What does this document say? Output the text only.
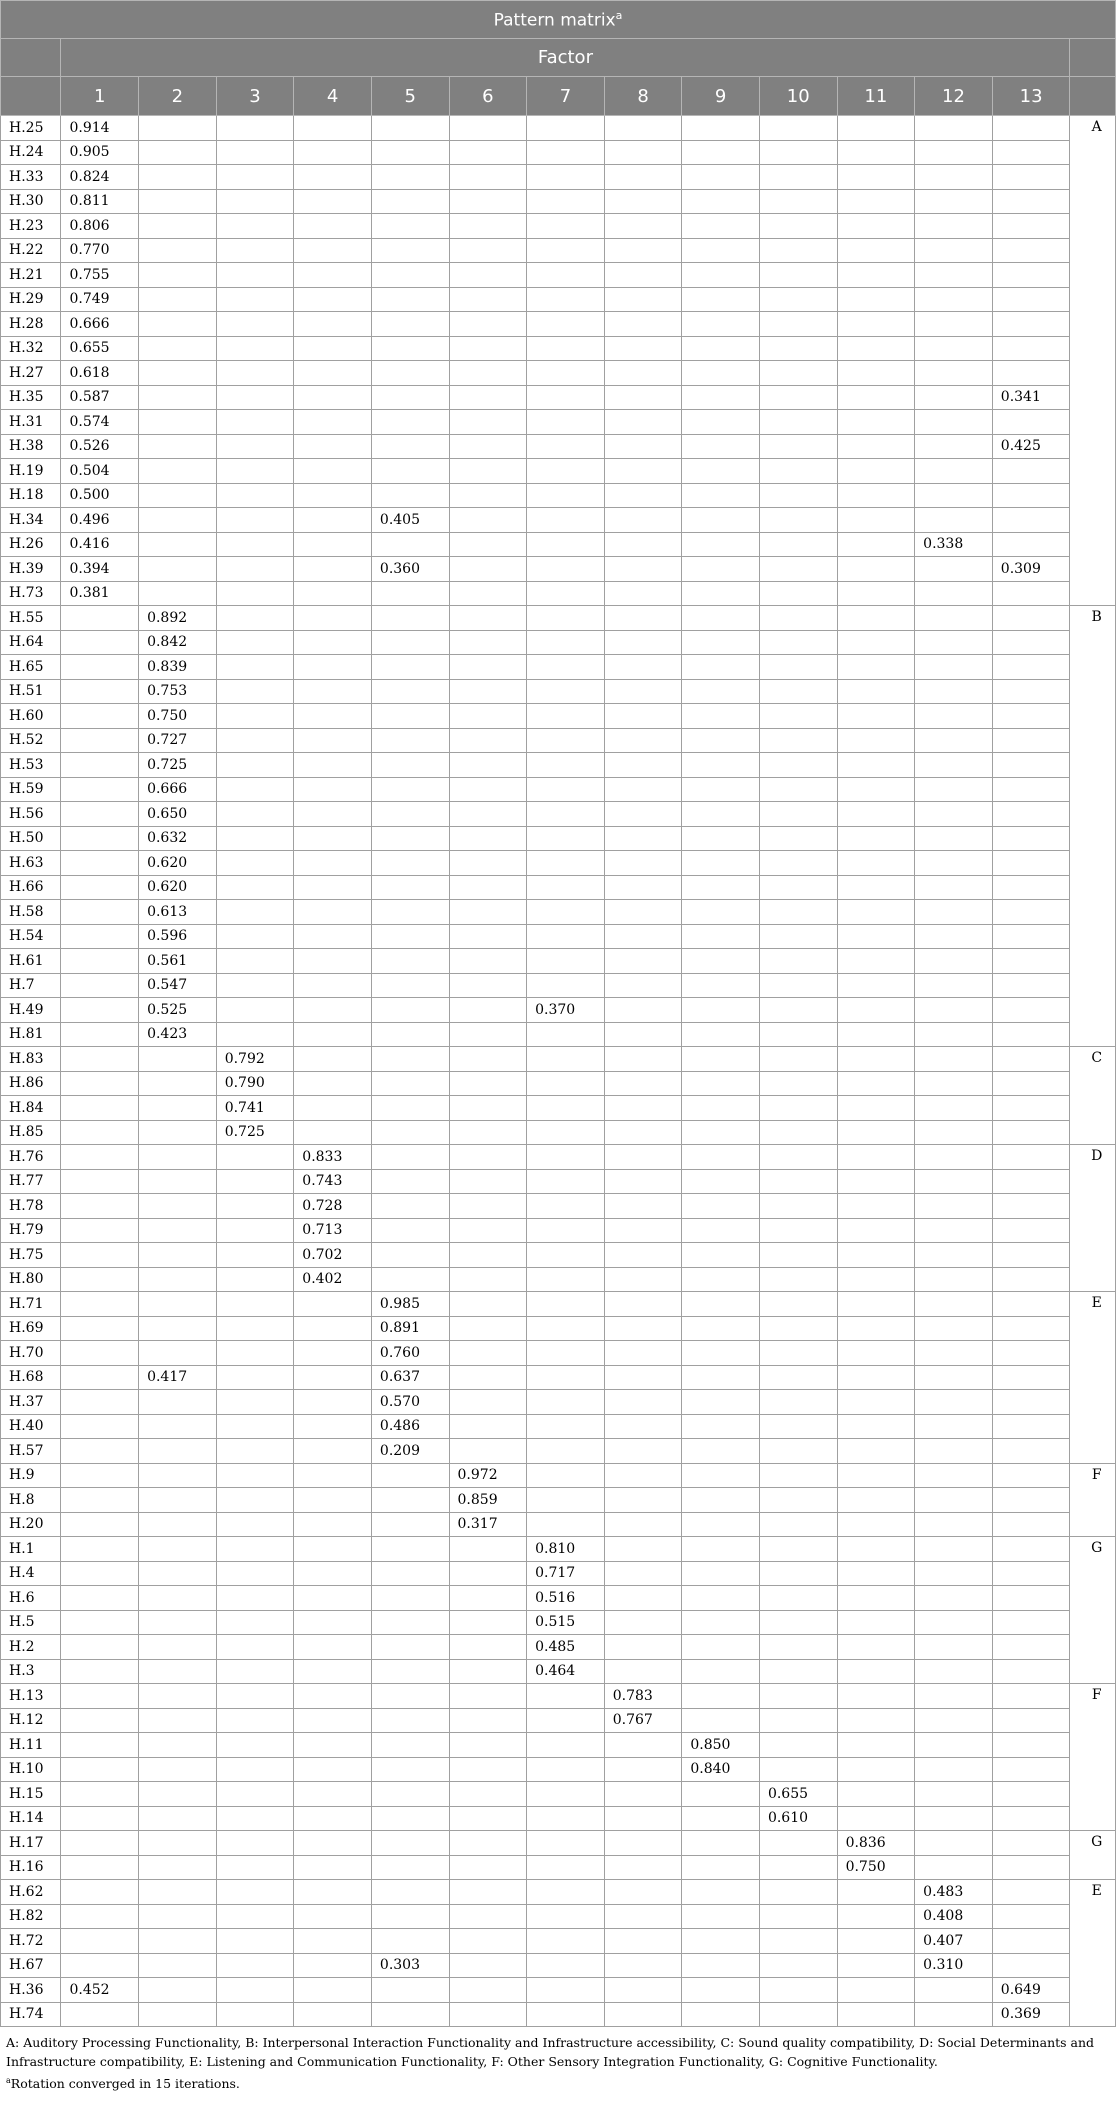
Pattern matrix$^a$
	Factor													
	1	2	3	4	5	6	7	8	9	10	11	12	13	
H.25	0.914													A
H.24	0.905													
H.33	0.824													
H.30	0.811													
H.23	0.806													
H.22	0.770													
H.21	0.755													
H.29	0.749													
H.28	0.666													
H.32	0.655													
H.27	0.618													
H.35	0.587												0.341	
H.31	0.574													
H.38	0.526												0.425	
H.19	0.504													
H.18	0.500													
H.34	0.496				0.405									
H.26	0.416											0.338		
H.39	0.394				0.360								0.309	
H.73	0.381													
H.55		0.892												B
H.64		0.842												
H.65		0.839												
H.51		0.753												
H.60		0.750												
H.52		0.727												
H.53		0.725												
H.59		0.666												
H.56		0.650												
H.50		0.632												
H.63		0.620												
H.66		0.620												
H.58		0.613												
H.54		0.596												
H.61		0.561												
H.7		0.547												
H.49		0.525					0.370							
H.81		0.423												
H.83			0.792											C
H.86			0.790											
H.84			0.741											
H.85			0.725											
H.76				0.833										D
H.77				0.743										
H.78				0.728										
H.79				0.713										
H.75				0.702										
H.80				0.402										
H.71					0.985									E
H.69					0.891									
H.70					0.760									
H.68		0.417			0.637									
H.37					0.570									
H.40					0.486									
H.57					0.209									
H.9						0.972								F
H.8						0.859								
H.20						0.317								
H.1							0.810							G
H.4							0.717							
H.6							0.516							
H.5							0.515							
H.2							0.485							
H.3							0.464							
H.13								0.783						F
H.12								0.767						
H.11									0.850					
H.10									0.840					
H.15										0.655				
H.14										0.610				
H.17											0.836			G
H.16											0.750			
H.62												0.483		E
H.82												0.408		
H.72												0.407		
H.67					0.303							0.310		
H.36	0.452												0.649	
H.74													0.369	

A: Auditory Processing Functionality, B: Interpersonal Interaction Functionality and Infrastructure accessibility, C: Sound quality compatibility, D: Social Determinants and Infrastructure compatibility, E: Listening and Communication Functionality, F: Other Sensory Integration Functionality, G: Cognitive Functionality.

$^a$Rotation converged in 15 iterations.
